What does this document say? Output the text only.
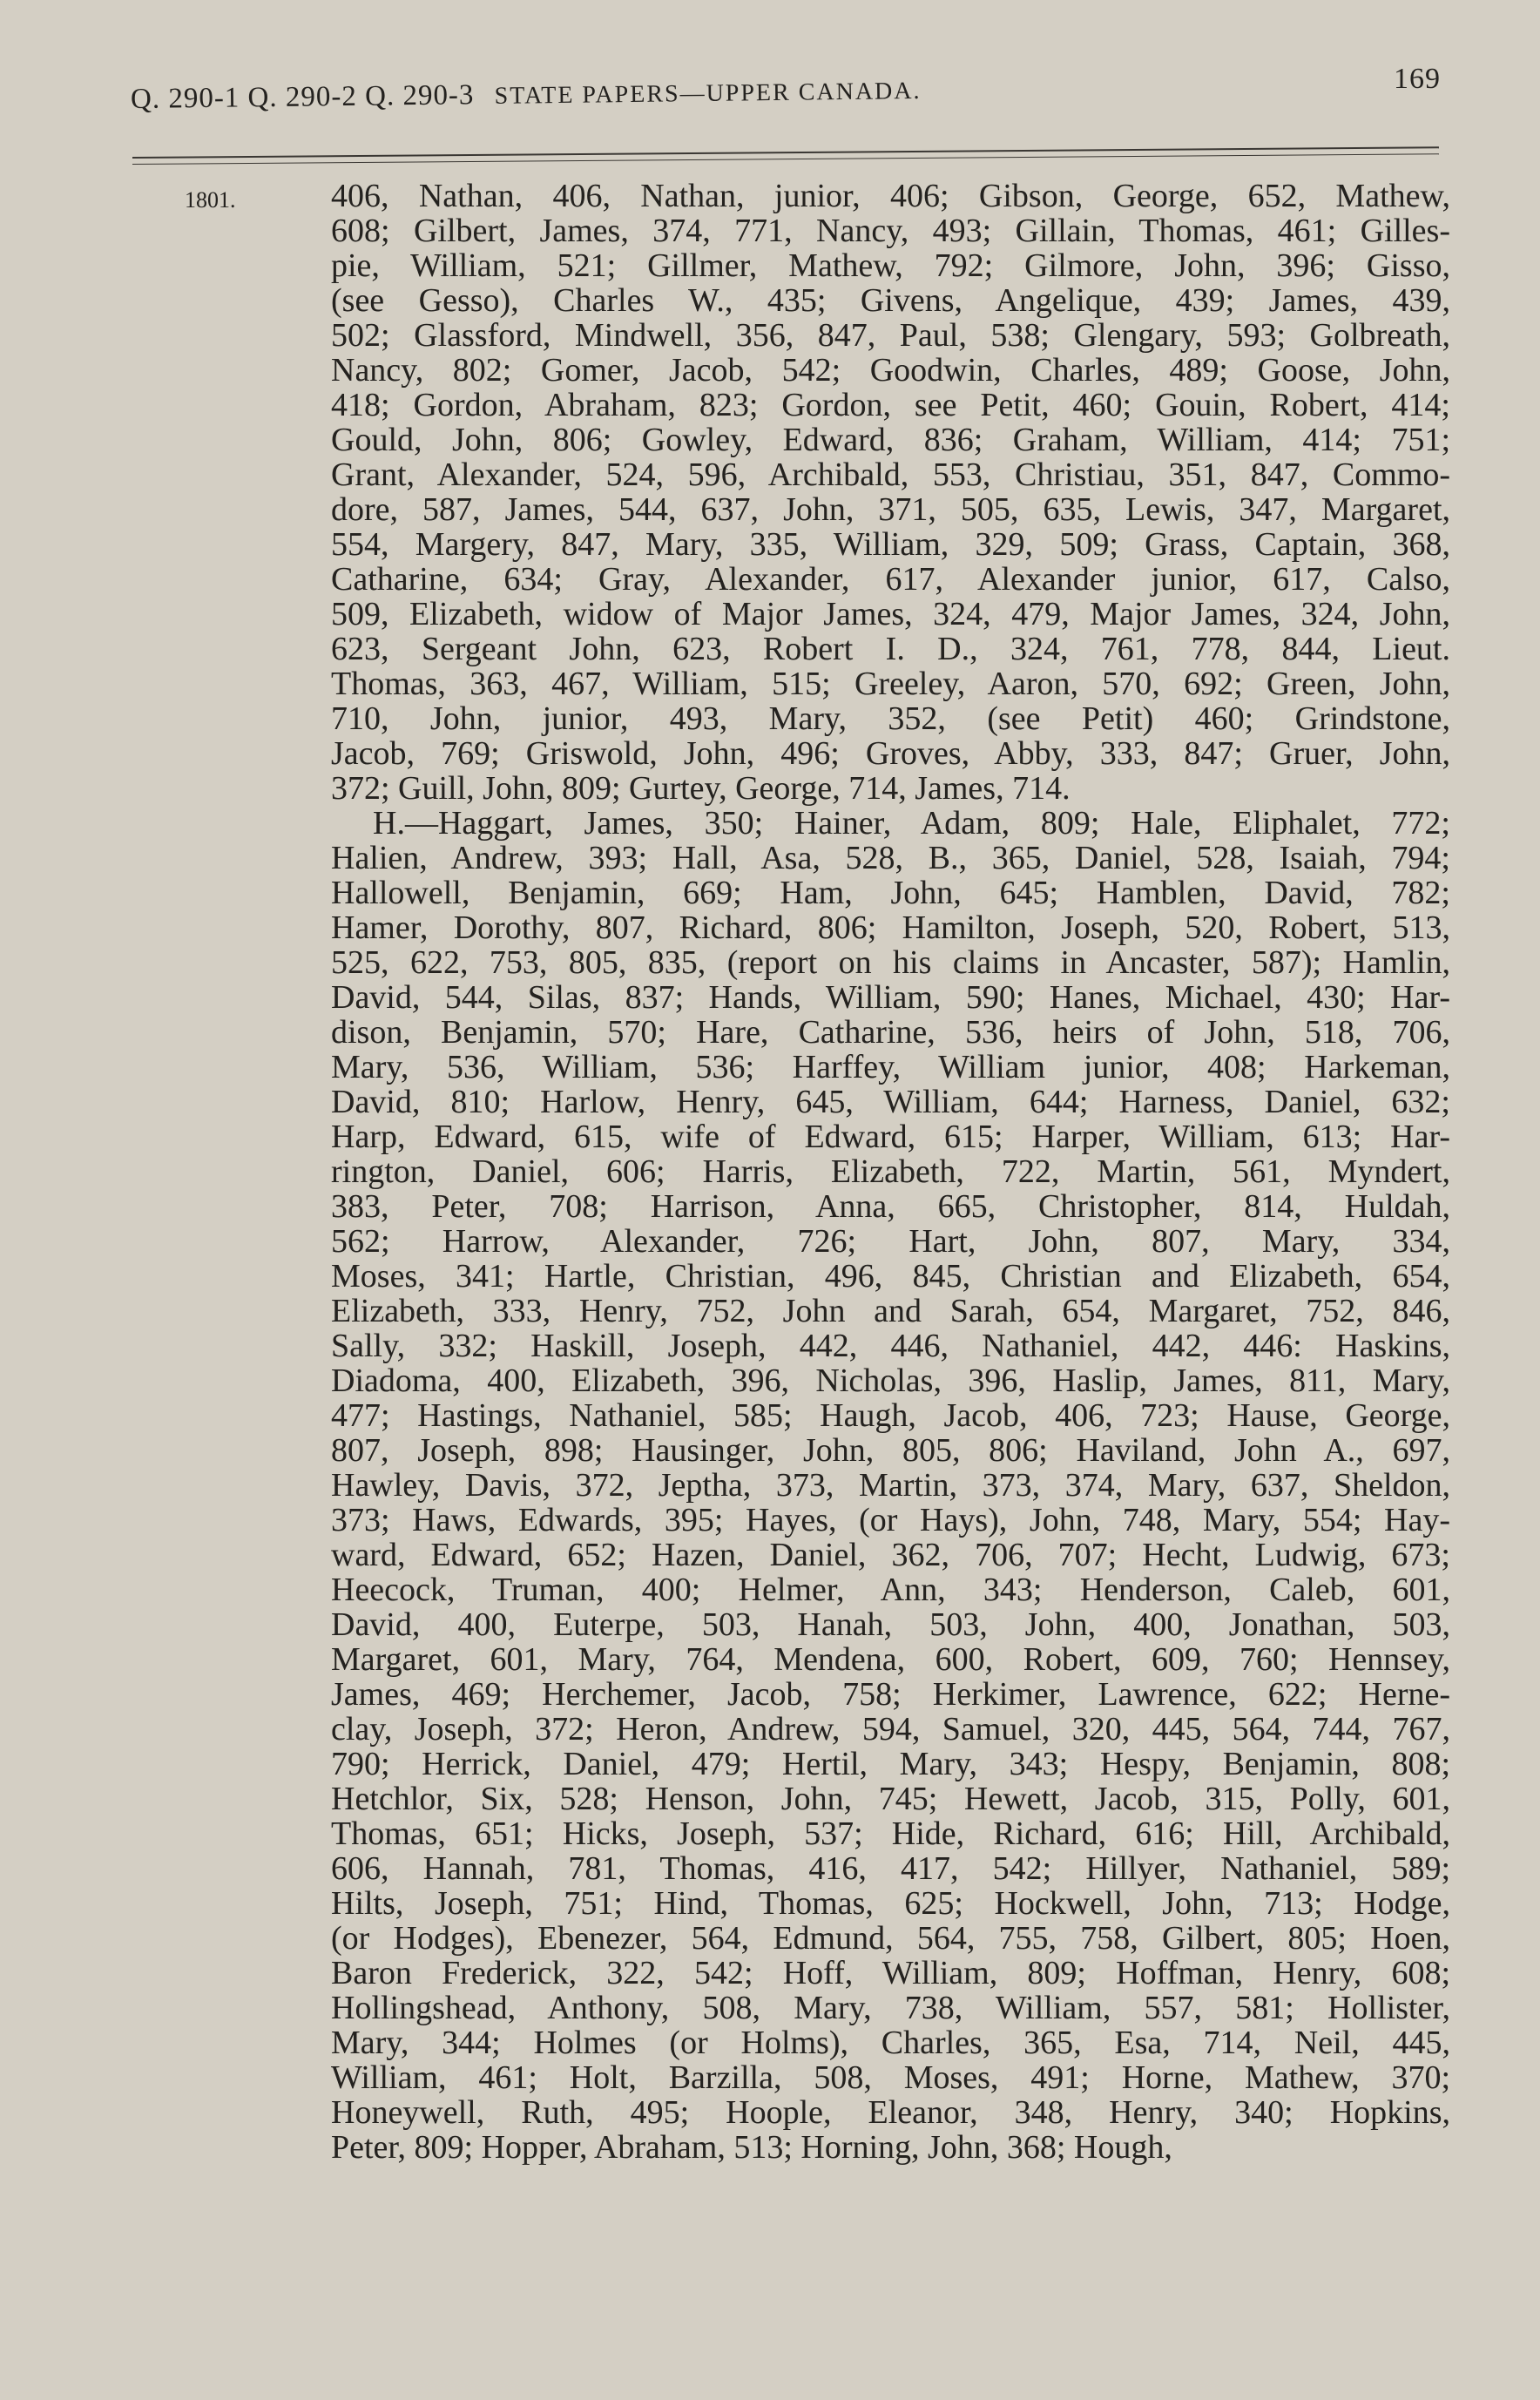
Q. 290-1 Q. 290-2 Q. 290-3 STATE PAPERS—UPPER CANADA.	169
1801.	406, Nathan, 406, Nathan, junior, 406; Gibson, George, 652, Mathew,
608; Gilbert, James, 374, 771, Nancy, 493; Gillain, Thomas, 461; Gilles-
pie, William, 521; Gillmer, Mathew, 792; Gilmore, John, 396; Gisso,
(see Gesso), Charles W., 435; Givens, Angelique, 439; James, 439,
502; Glassford, Mindwell, 356, 847, Paul, 538; Glengary, 593; Golbreath,
Nancy, 802; Gomer, Jacob, 542; Goodwin, Charles, 489; Goose, John,
418; Gordon, Abraham, 823; Gordon, see Petit, 460; Gouin, Robert, 414;
Gould, John, 806; Gowley, Edward, 836; Graham, William, 414; 751;
Grant, Alexander, 524, 596, Archibald, 553, Christiau, 351, 847, Commo-
dore, 587, James, 544, 637, John, 371, 505, 635, Lewis, 347, Margaret,
554, Margery, 847, Mary, 335, William, 329, 509; Grass, Captain, 368,
Catharine, 634; Gray, Alexander, 617, Alexander junior, 617, Calso,
509, Elizabeth, widow of Major James, 324, 479, Major James, 324, John,
623, Sergeant John, 623, Robert I. D., 324, 761, 778, 844, Lieut.
Thomas, 363, 467, William, 515; Greeley, Aaron, 570, 692; Green, John,
710, John, junior, 493, Mary, 352, (see Petit) 460; Grindstone,
Jacob, 769; Griswold, John, 496; Groves, Abby, 333, 847; Gruer, John,
372; Guill, John, 809; Gurtey, George, 714, James, 714.
H.—Haggart, James, 350; Hainer, Adam, 809; Hale, Eliphalet, 772;
Halien, Andrew, 393; Hall, Asa, 528, B., 365, Daniel, 528, Isaiah, 794;
Hallowell, Benjamin, 669; Ham, John, 645; Hamblen, David, 782;
Hamer, Dorothy, 807, Richard, 806; Hamilton, Joseph, 520, Robert, 513,
525, 622, 753, 805, 835, (report on his claims in Ancaster, 587); Hamlin,
David, 544, Silas, 837; Hands, William, 590; Hanes, Michael, 430; Har-
dison, Benjamin, 570; Hare, Catharine, 536, heirs of John, 518, 706,
Mary, 536, William, 536; Harffey, William junior, 408; Harkeman,
David, 810; Harlow, Henry, 645, William, 644; Harness, Daniel, 632;
Harp, Edward, 615, wife of Edward, 615; Harper, William, 613; Har-
rington, Daniel, 606; Harris, Elizabeth, 722, Martin, 561, Myndert,
383, Peter, 708; Harrison, Anna, 665, Christopher, 814, Huldah,
562; Harrow, Alexander, 726; Hart, John, 807, Mary, 334,
Moses, 341; Hartle, Christian, 496, 845, Christian and Elizabeth, 654,
Elizabeth, 333, Henry, 752, John and Sarah, 654, Margaret, 752, 846,
Sally, 332; Haskill, Joseph, 442, 446, Nathaniel, 442, 446: Haskins,
Diadoma, 400, Elizabeth, 396, Nicholas, 396, Haslip, James, 811, Mary,
477; Hastings, Nathaniel, 585; Haugh, Jacob, 406, 723; Hause, George,
807, Joseph, 898; Hausinger, John, 805, 806; Haviland, John A., 697,
Hawley, Davis, 372, Jeptha, 373, Martin, 373, 374, Mary, 637, Sheldon,
373; Haws, Edwards, 395; Hayes, (or Hays), John, 748, Mary, 554; Hay-
ward, Edward, 652; Hazen, Daniel, 362, 706, 707; Hecht, Ludwig, 673;
Heecock, Truman, 400; Helmer, Ann, 343; Henderson, Caleb, 601,
David, 400, Euterpe, 503, Hanah, 503, John, 400, Jonathan, 503,
Margaret, 601, Mary, 764, Mendena, 600, Robert, 609, 760; Hennsey,
James, 469; Herchemer, Jacob, 758; Herkimer, Lawrence, 622; Herne-
clay, Joseph, 372; Heron, Andrew, 594, Samuel, 320, 445, 564, 744, 767,
790; Herrick, Daniel, 479; Hertil, Mary, 343; Hespy, Benjamin, 808;
Hetchlor, Six, 528; Henson, John, 745; Hewett, Jacob, 315, Polly, 601,
Thomas, 651; Hicks, Joseph, 537; Hide, Richard, 616; Hill, Archibald,
606, Hannah, 781, Thomas, 416, 417, 542; Hillyer, Nathaniel, 589;
Hilts, Joseph, 751; Hind, Thomas, 625; Hockwell, John, 713; Hodge,
(or Hodges), Ebenezer, 564, Edmund, 564, 755, 758, Gilbert, 805; Hoen,
Baron Frederick, 322, 542; Hoff, William, 809; Hoffman, Henry, 608;
Hollingshead, Anthony, 508, Mary, 738, William, 557, 581; Hollister,
Mary, 344; Holmes (or Holms), Charles, 365, Esa, 714, Neil, 445,
William, 461; Holt, Barzilla, 508, Moses, 491; Horne, Mathew, 370;
Honeywell, Ruth, 495; Hoople, Eleanor, 348, Henry, 340; Hopkins,
Peter, 809; Hopper, Abraham, 513; Horning, John, 368; Hough,
